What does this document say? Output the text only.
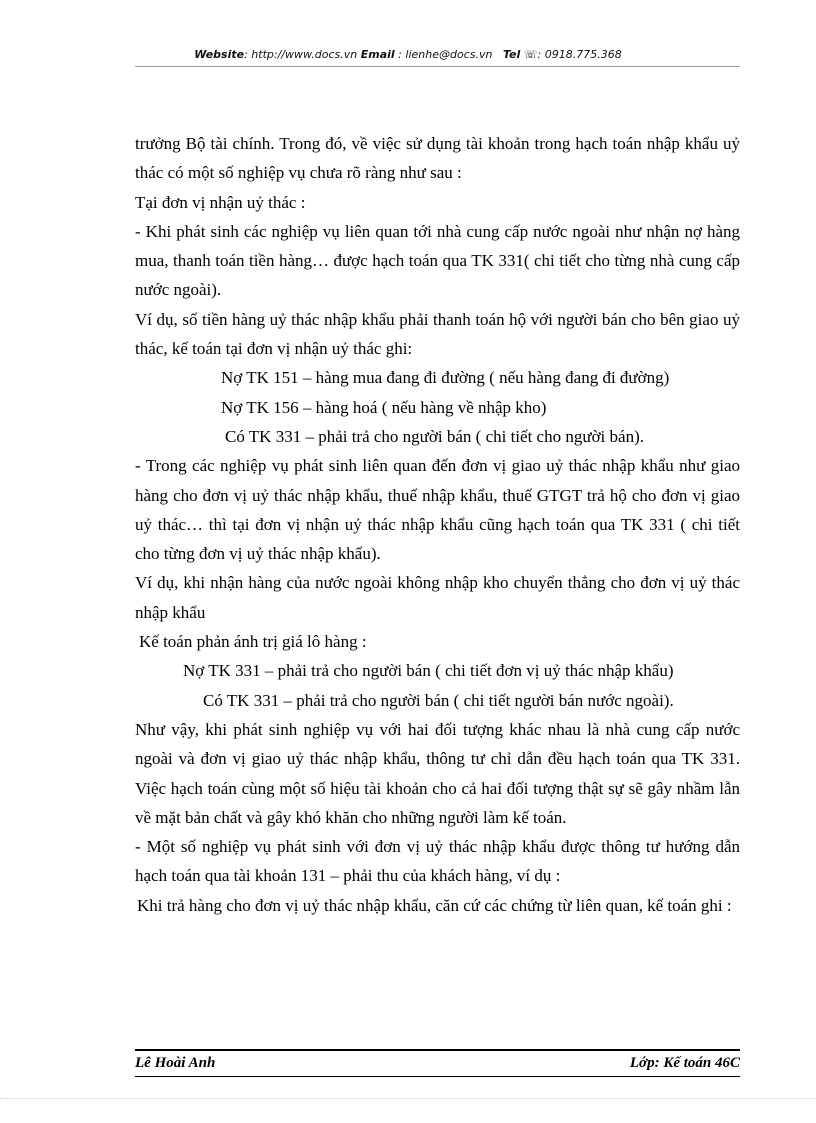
Website: http://www.docs.vn Email : lienhe@docs.vn Tel ☏: 0918.775.368

trưởng Bộ tài chính. Trong đó, về việc sử dụng tài khoản trong hạch toán nhập khẩu uỷ thác có một số nghiệp vụ chưa rõ ràng như sau :

Tại đơn vị nhận uỷ thác :

- Khi phát sinh các nghiệp vụ liên quan tới nhà cung cấp nước ngoài như nhận nợ hàng mua, thanh toán tiền hàng… được hạch toán qua TK 331( chi tiết cho từng nhà cung cấp nước ngoài).

Ví dụ, số tiền hàng uỷ thác nhập khẩu phải thanh toán hộ với người bán cho bên giao uỷ thác, kế toán tại đơn vị nhận uỷ thác ghi:

Nợ TK 151 – hàng mua đang đi đường ( nếu hàng đang đi đường)

Nợ TK 156 – hàng hoá ( nếu hàng về nhập kho)

Có TK 331 – phải trả cho người bán ( chi tiết cho người bán).

- Trong các nghiệp vụ phát sinh liên quan đến đơn vị giao uỷ thác nhập khẩu như giao hàng cho đơn vị uỷ thác nhập khẩu, thuế nhập khẩu, thuế GTGT trả hộ cho đơn vị giao uỷ thác… thì tại đơn vị nhận uỷ thác nhập khẩu cũng hạch toán qua TK 331 ( chi tiết cho từng đơn vị uỷ thác nhập khẩu).

Ví dụ, khi nhận hàng của nước ngoài không nhập kho chuyển thẳng cho đơn vị uỷ thác nhập khẩu

Kế toán phản ánh trị giá lô hàng :

Nợ TK 331 – phải trả cho người bán ( chi tiết đơn vị uỷ thác nhập khẩu)

Có TK 331 – phải trả cho người bán ( chi tiết người bán nước ngoài).

Như vậy, khi phát sinh nghiệp vụ với hai đối tượng khác nhau là nhà cung cấp nước ngoài và đơn vị giao uỷ thác nhập khẩu, thông tư chỉ dẫn đều hạch toán qua TK 331. Việc hạch toán cùng một số hiệu tài khoản cho cả hai đối tượng thật sự sẽ gây nhầm lẫn về mặt bản chất và gây khó khăn cho những người làm kế toán.

- Một số nghiệp vụ phát sinh với đơn vị uỷ thác nhập khẩu được thông tư hướng dẫn hạch toán qua tài khoản 131 – phải thu của khách hàng, ví dụ :

Khi trả hàng cho đơn vị uỷ thác nhập khẩu, căn cứ các chứng từ liên quan, kế toán ghi :

Lê Hoài Anh	Lớp: Kế toán 46C
